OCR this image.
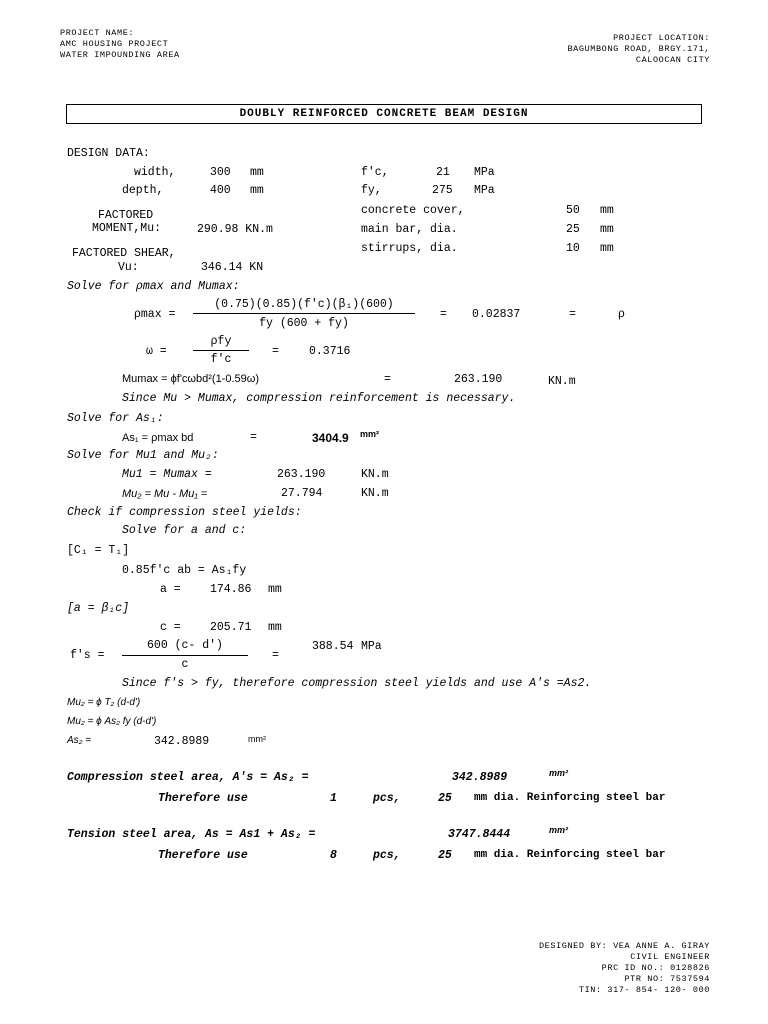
PROJECT NAME:
AMC HOUSING PROJECT
WATER IMPOUNDING AREA
PROJECT LOCATION:
BAGUMBONG ROAD, BRGY.171,
CALOOCAN CITY
DOUBLY REINFORCED CONCRETE BEAM DESIGN
DESIGN DATA:
width,	300 mm
depth,	400 mm
f'c,	21 MPa
fy,	275 MPa
concrete cover,	50 mm
main bar, dia.	25 mm
stirrups, dia.	10 mm
FACTORED
MOMENT,Mu:	290.98 KN.m
FACTORED SHEAR,
Vu:	346.14 KN
Solve for ρmax and Mumax:
ρmax =
(0.75)(0.85)(f'c)(β₁)(600)
fy (600 + fy)
= 0.02837	=	ρ
ω =
ρfy
f'c
=	0.3716
Mumax = ϕf'cωbd²(1-0.59ω)	=	263.190	KN.m
Since Mu > Mumax, compression reinforcement is necessary.
Solve for As₁:
As₁ = ρmax bd	=	3404.9 mm²
Solve for Mu1 and Mu₂:
Mu1 = Mumax =	263.190	KN.m
Mu₂ = Mu - Mu₁ =	27.794	KN.m
Check if compression steel yields:
Solve for a and c:
[C₁ = T₁]
0.85f'c ab = As₁fy
a =	174.86 mm
[a = β₁c]
c =	205.71 mm
f's =
600 (c- d')
c
=
388.54 MPa
Since f's > fy, therefore compression steel yields and use A's =As2.
Mu₂ = ϕ T₂ (d-d')
Mu₂ = ϕ As₂ fy (d-d')
As₂ =	342.8989	mm²
Compression steel area, A's = As₂ =	342.8989	mm²
Therefore use	1	pcs,	25 mm dia. Reinforcing steel bar
Tension steel area, As = As1 + As₂ =	3747.8444	mm²
Therefore use	8	pcs,	25 mm dia. Reinforcing steel bar
DESIGNED BY: VEA ANNE A. GIRAY
CIVIL ENGINEER
PRC ID NO.: 0128826
PTR NO: 7537594
TIN: 317- 854- 120- 000
